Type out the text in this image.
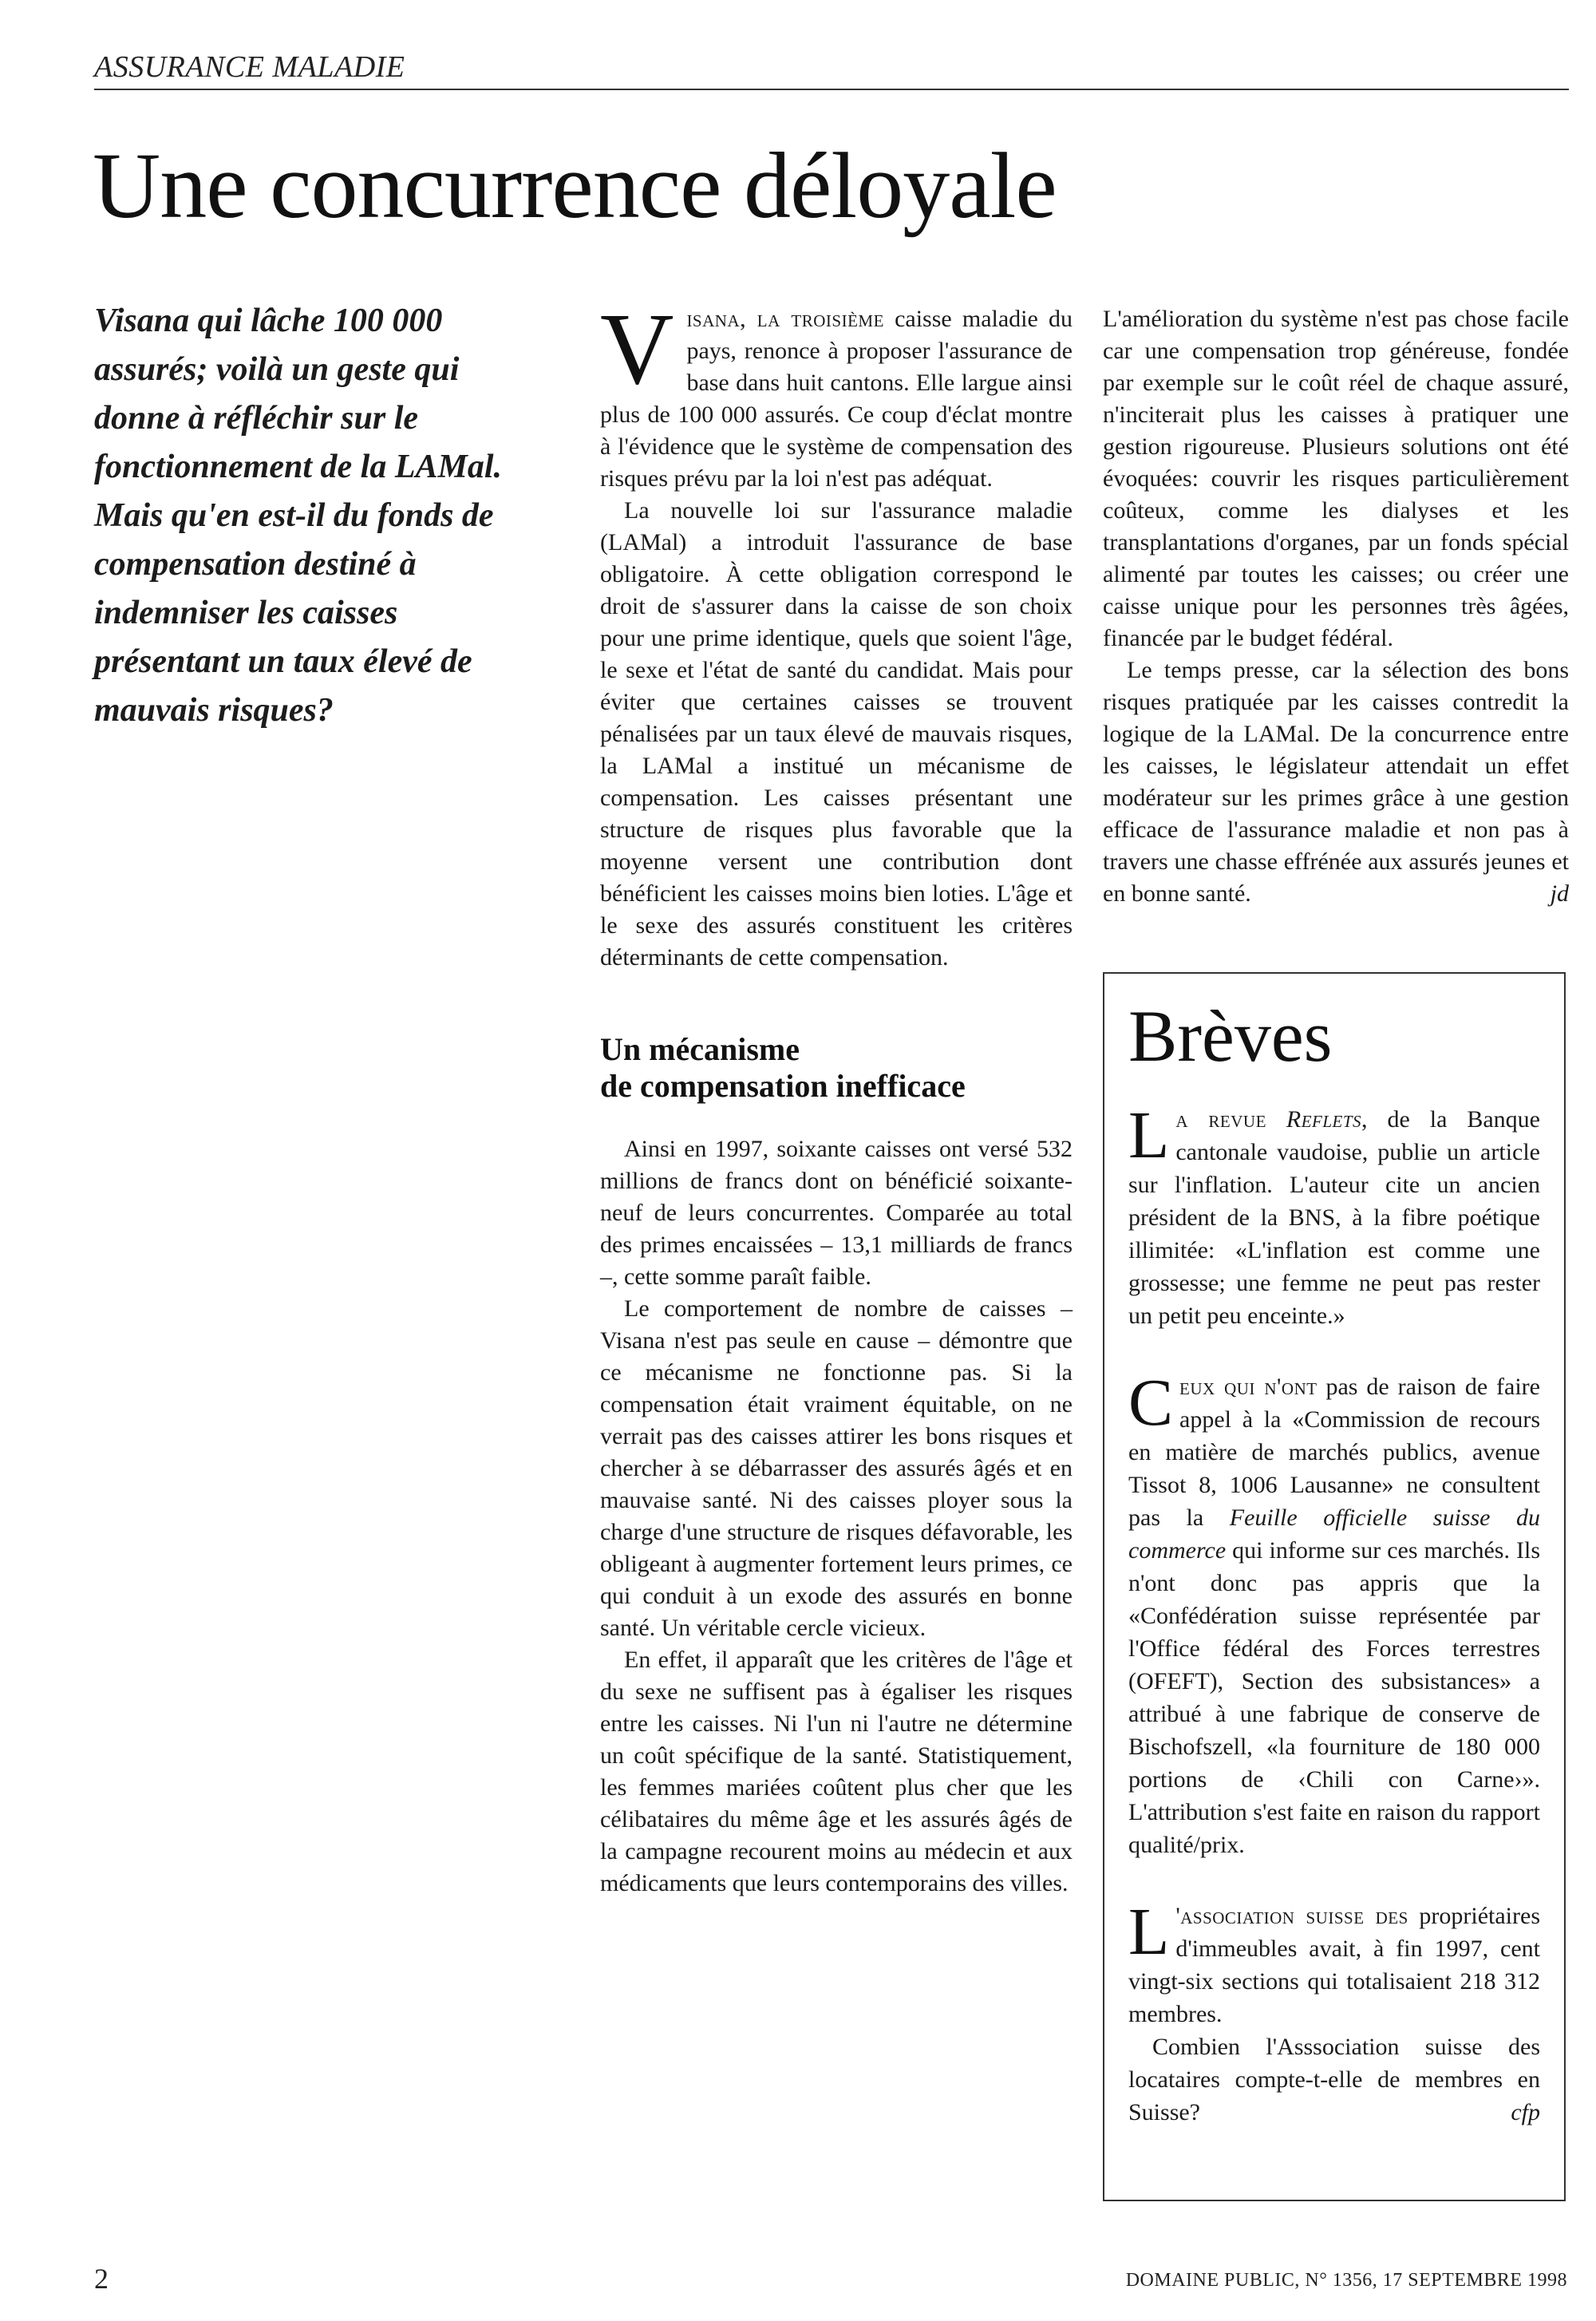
ASSURANCE MALADIE
Une concurrence déloyale
Visana qui lâche 100 000 assurés; voilà un geste qui donne à réfléchir sur le fonctionnement de la LAMal. Mais qu'en est-il du fonds de compensation destiné à indemniser les caisses présentant un taux élevé de mauvais risques?

Visana, la troisième caisse maladie du pays, renonce à proposer l'assurance de base dans huit cantons. Elle largue ainsi plus de 100 000 assurés. Ce coup d'éclat montre à l'évidence que le système de compensation des risques prévu par la loi n'est pas adéquat.

La nouvelle loi sur l'assurance maladie (LAMal) a introduit l'assurance de base obligatoire. À cette obligation correspond le droit de s'assurer dans la caisse de son choix pour une prime identique, quels que soient l'âge, le sexe et l'état de santé du candidat. Mais pour éviter que certaines caisses se trouvent pénalisées par un taux élevé de mauvais risques, la LAMal a institué un mécanisme de compensation. Les caisses présentant une structure de risques plus favorable que la moyenne versent une contribution dont bénéficient les caisses moins bien loties. L'âge et le sexe des assurés constituent les critères déterminants de cette compensation.

Un mécanisme
de compensation inefficace

Ainsi en 1997, soixante caisses ont versé 532 millions de francs dont on bénéficié soixante-neuf de leurs concurrentes. Comparée au total des primes encaissées – 13,1 milliards de francs –, cette somme paraît faible.

Le comportement de nombre de caisses – Visana n'est pas seule en cause – démontre que ce mécanisme ne fonctionne pas. Si la compensation était vraiment équitable, on ne verrait pas des caisses attirer les bons risques et chercher à se débarrasser des assurés âgés et en mauvaise santé. Ni des caisses ployer sous la charge d'une structure de risques défavorable, les obligeant à augmenter fortement leurs primes, ce qui conduit à un exode des assurés en bonne santé. Un véritable cercle vicieux.

En effet, il apparaît que les critères de l'âge et du sexe ne suffisent pas à égaliser les risques entre les caisses. Ni l'un ni l'autre ne détermine un coût spécifique de la santé. Statistiquement, les femmes mariées coûtent plus cher que les célibataires du même âge et les assurés âgés de la campagne recourent moins au médecin et aux médicaments que leurs contemporains des villes.

L'amélioration du système n'est pas chose facile car une compensation trop généreuse, fondée par exemple sur le coût réel de chaque assuré, n'inciterait plus les caisses à pratiquer une gestion rigoureuse. Plusieurs solutions ont été évoquées: couvrir les risques particulièrement coûteux, comme les dialyses et les transplantations d'organes, par un fonds spécial alimenté par toutes les caisses; ou créer une caisse unique pour les personnes très âgées, financée par le budget fédéral.

Le temps presse, car la sélection des bons risques pratiquée par les caisses contredit la logique de la LAMal. De la concurrence entre les caisses, le législateur attendait un effet modérateur sur les primes grâce à une gestion efficace de l'assurance maladie et non pas à travers une chasse effrénée aux assurés jeunes et en bonne santé.	jd

Brèves

La revue Reflets, de la Banque cantonale vaudoise, publie un article sur l'inflation. L'auteur cite un ancien président de la BNS, à la fibre poétique illimitée: «L'inflation est comme une grossesse; une femme ne peut pas rester un petit peu enceinte.»

Ceux qui n'ont pas de raison de faire appel à la «Commission de recours en matière de marchés publics, avenue Tissot 8, 1006 Lausanne» ne consultent pas la Feuille officielle suisse du commerce qui informe sur ces marchés. Ils n'ont donc pas appris que la «Confédération suisse représentée par l'Office fédéral des Forces terrestres (OFEFT), Section des subsistances» a attribué à une fabrique de conserve de Bischofszell, «la fourniture de 180 000 portions de ‹Chili con Carne›». L'attribution s'est faite en raison du rapport qualité/prix.

L 'association suisse des propriétaires d'immeubles avait, à fin 1997, cent vingt-six sections qui totalisaient 218 312 membres.

Combien l'Asssociation suisse des locataires compte-t-elle de membres en Suisse?	cfp

2	DOMAINE PUBLIC, N° 1356, 17 SEPTEMBRE 1998
